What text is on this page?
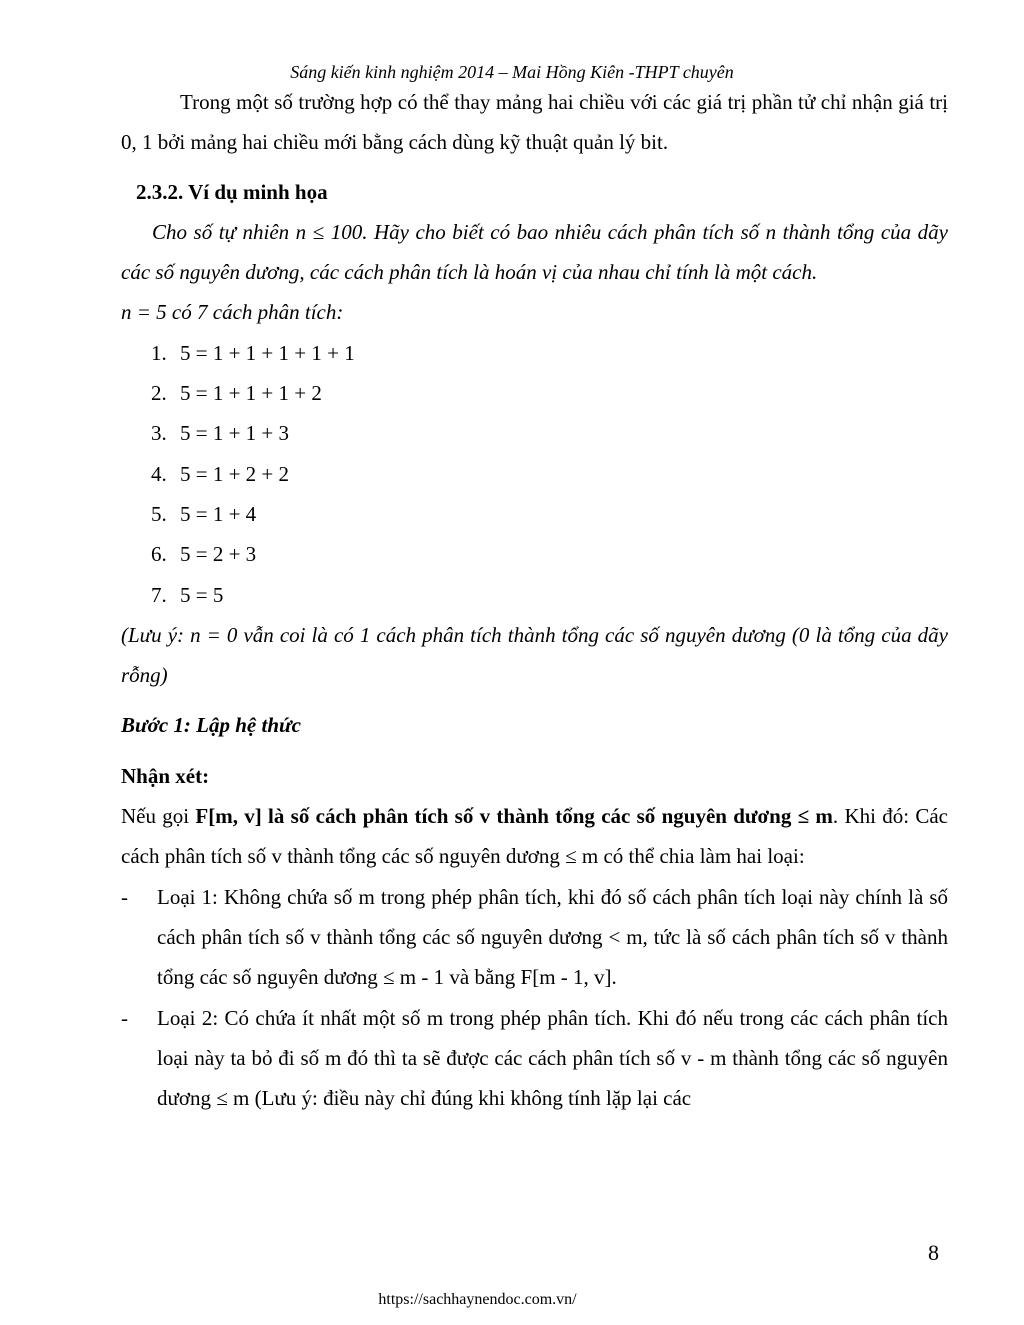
Sáng kiến kinh nghiệm 2014 – Mai Hồng Kiên -THPT chuyên

Trong một số trường hợp có thể thay mảng hai chiều với các giá trị phần tử chỉ nhận giá trị 0, 1 bởi mảng hai chiều mới bằng cách dùng kỹ thuật quản lý bit.

2.3.2. Ví dụ minh họa

Cho số tự nhiên n ≤ 100. Hãy cho biết có bao nhiêu cách phân tích số n thành tổng của dãy các số nguyên dương, các cách phân tích là hoán vị của nhau chỉ tính là một cách.

n = 5 có 7 cách phân tích:

1. 5 = 1 + 1 + 1 + 1 + 1
2. 5 = 1 + 1 + 1 + 2
3. 5 = 1 + 1 + 3
4. 5 = 1 + 2 + 2
5. 5 = 1 + 4
6. 5 = 2 + 3
7. 5 = 5

(Lưu ý: n = 0 vẫn coi là có 1 cách phân tích thành tổng các số nguyên dương (0 là tổng của dãy rỗng)

Bước 1: Lập hệ thức

Nhận xét:

Nếu gọi F[m, v] là số cách phân tích số v thành tổng các số nguyên dương ≤ m. Khi đó: Các cách phân tích số v thành tổng các số nguyên dương ≤ m có thể chia làm hai loại:

- Loại 1: Không chứa số m trong phép phân tích, khi đó số cách phân tích loại này chính là số cách phân tích số v thành tổng các số nguyên dương < m, tức là số cách phân tích số v thành tổng các số nguyên dương ≤ m - 1 và bằng F[m - 1, v].
- Loại 2: Có chứa ít nhất một số m trong phép phân tích. Khi đó nếu trong các cách phân tích loại này ta bỏ đi số m đó thì ta sẽ được các cách phân tích số v - m thành tổng các số nguyên dương ≤ m (Lưu ý: điều này chỉ đúng khi không tính lặp lại các
8
https://sachhaynendoc.com.vn/
